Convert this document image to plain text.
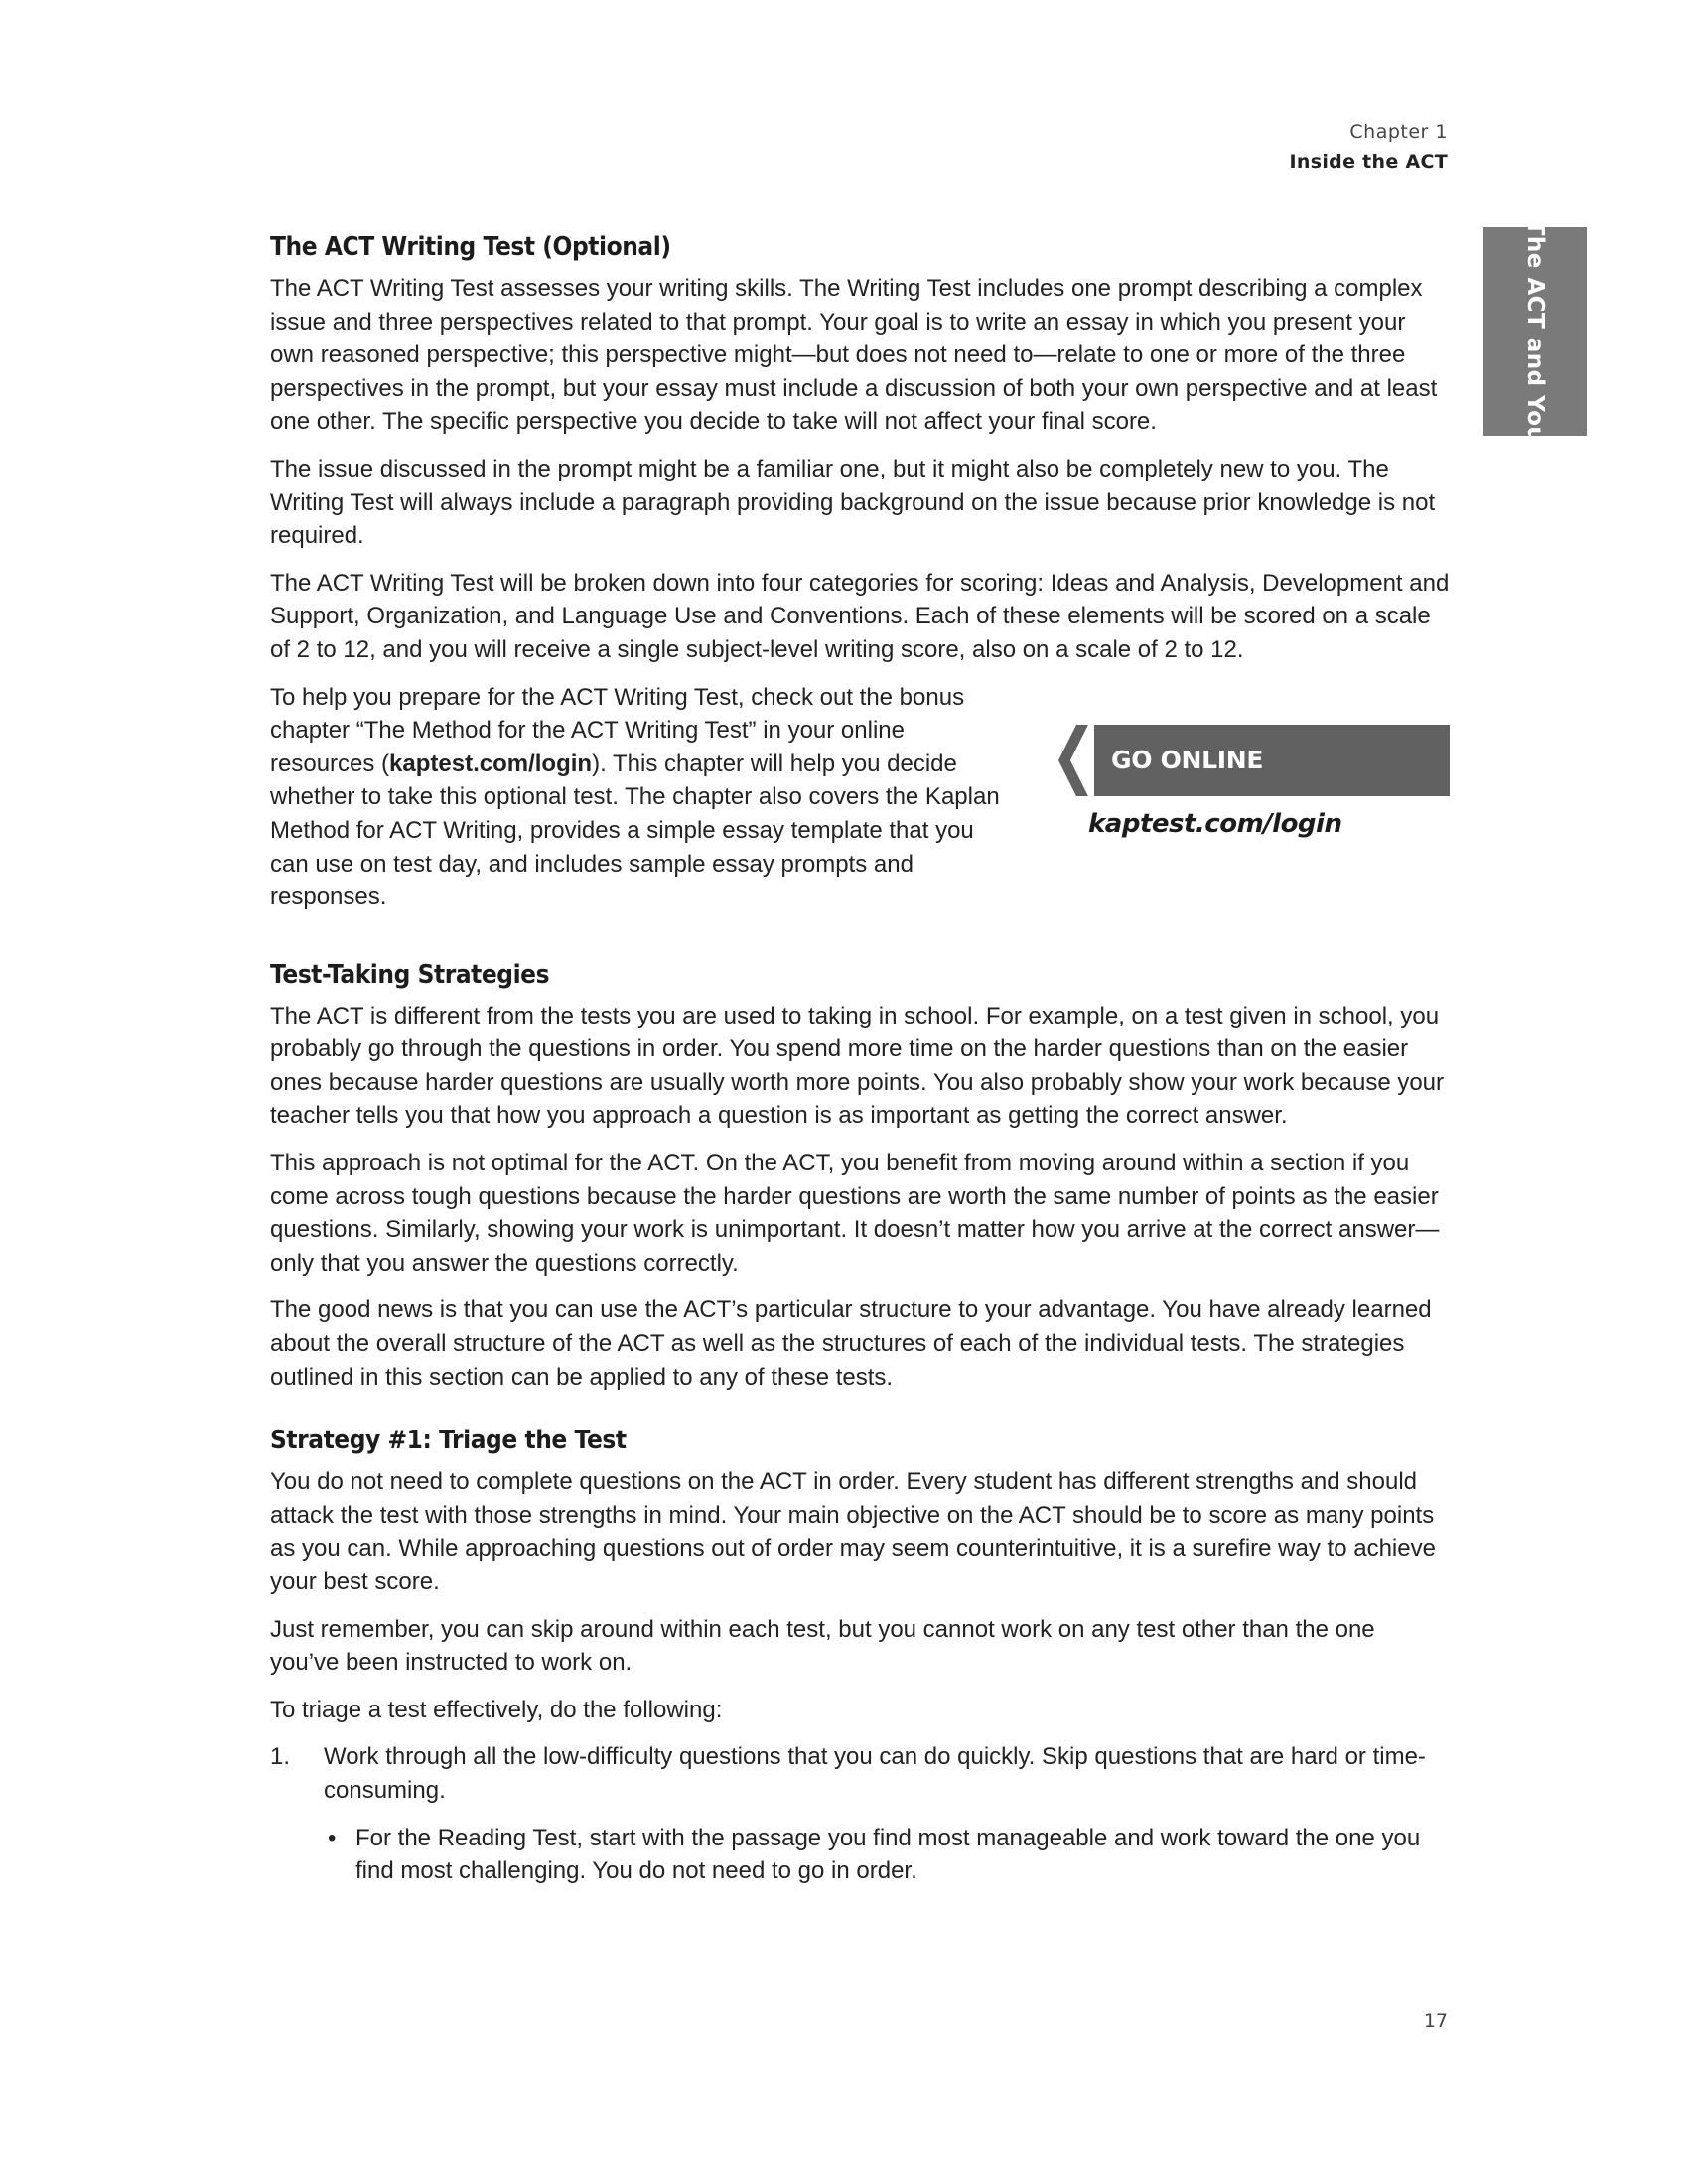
Chapter 1
Inside the ACT
The ACT and You
The ACT Writing Test (Optional)

The ACT Writing Test assesses your writing skills. The Writing Test includes one prompt describing a complex issue and three perspectives related to that prompt. Your goal is to write an essay in which you present your own reasoned perspective; this perspective might—but does not need to—relate to one or more of the three perspectives in the prompt, but your essay must include a discussion of both your own perspective and at least one other. The specific perspective you decide to take will not affect your final score.

The issue discussed in the prompt might be a familiar one, but it might also be completely new to you. The Writing Test will always include a paragraph providing background on the issue because prior knowledge is not required.

The ACT Writing Test will be broken down into four categories for scoring: Ideas and Analysis, Development and Support, Organization, and Language Use and Conventions. Each of these elements will be scored on a scale of 2 to 12, and you will receive a single subject-level writing score, also on a scale of 2 to 12.

To help you prepare for the ACT Writing Test, check out the bonus chapter “The Method for the ACT Writing Test” in your online resources (kaptest.com/login). This chapter will help you decide whether to take this optional test. The chapter also covers the Kaplan Method for ACT Writing, provides a simple essay template that you can use on test day, and includes sample essay prompts and responses.

GO ONLINE
kaptest.com/login
Test-Taking Strategies

The ACT is different from the tests you are used to taking in school. For example, on a test given in school, you probably go through the questions in order. You spend more time on the harder questions than on the easier ones because harder questions are usually worth more points. You also probably show your work because your teacher tells you that how you approach a question is as important as getting the correct answer.

This approach is not optimal for the ACT. On the ACT, you benefit from moving around within a section if you come across tough questions because the harder questions are worth the same number of points as the easier questions. Similarly, showing your work is unimportant. It doesn’t matter how you arrive at the correct answer—only that you answer the questions correctly.

The good news is that you can use the ACT’s particular structure to your advantage. You have already learned about the overall structure of the ACT as well as the structures of each of the individual tests. The strategies outlined in this section can be applied to any of these tests.

Strategy #1: Triage the Test

You do not need to complete questions on the ACT in order. Every student has different strengths and should attack the test with those strengths in mind. Your main objective on the ACT should be to score as many points as you can. While approaching questions out of order may seem counterintuitive, it is a surefire way to achieve your best score.

Just remember, you can skip around within each test, but you cannot work on any test other than the one you’ve been instructed to work on.

To triage a test effectively, do the following:

1. Work through all the low-difficulty questions that you can do quickly. Skip questions that are hard or time-consuming.
• For the Reading Test, start with the passage you find most manageable and work toward the one you find most challenging. You do not need to go in order.
17
